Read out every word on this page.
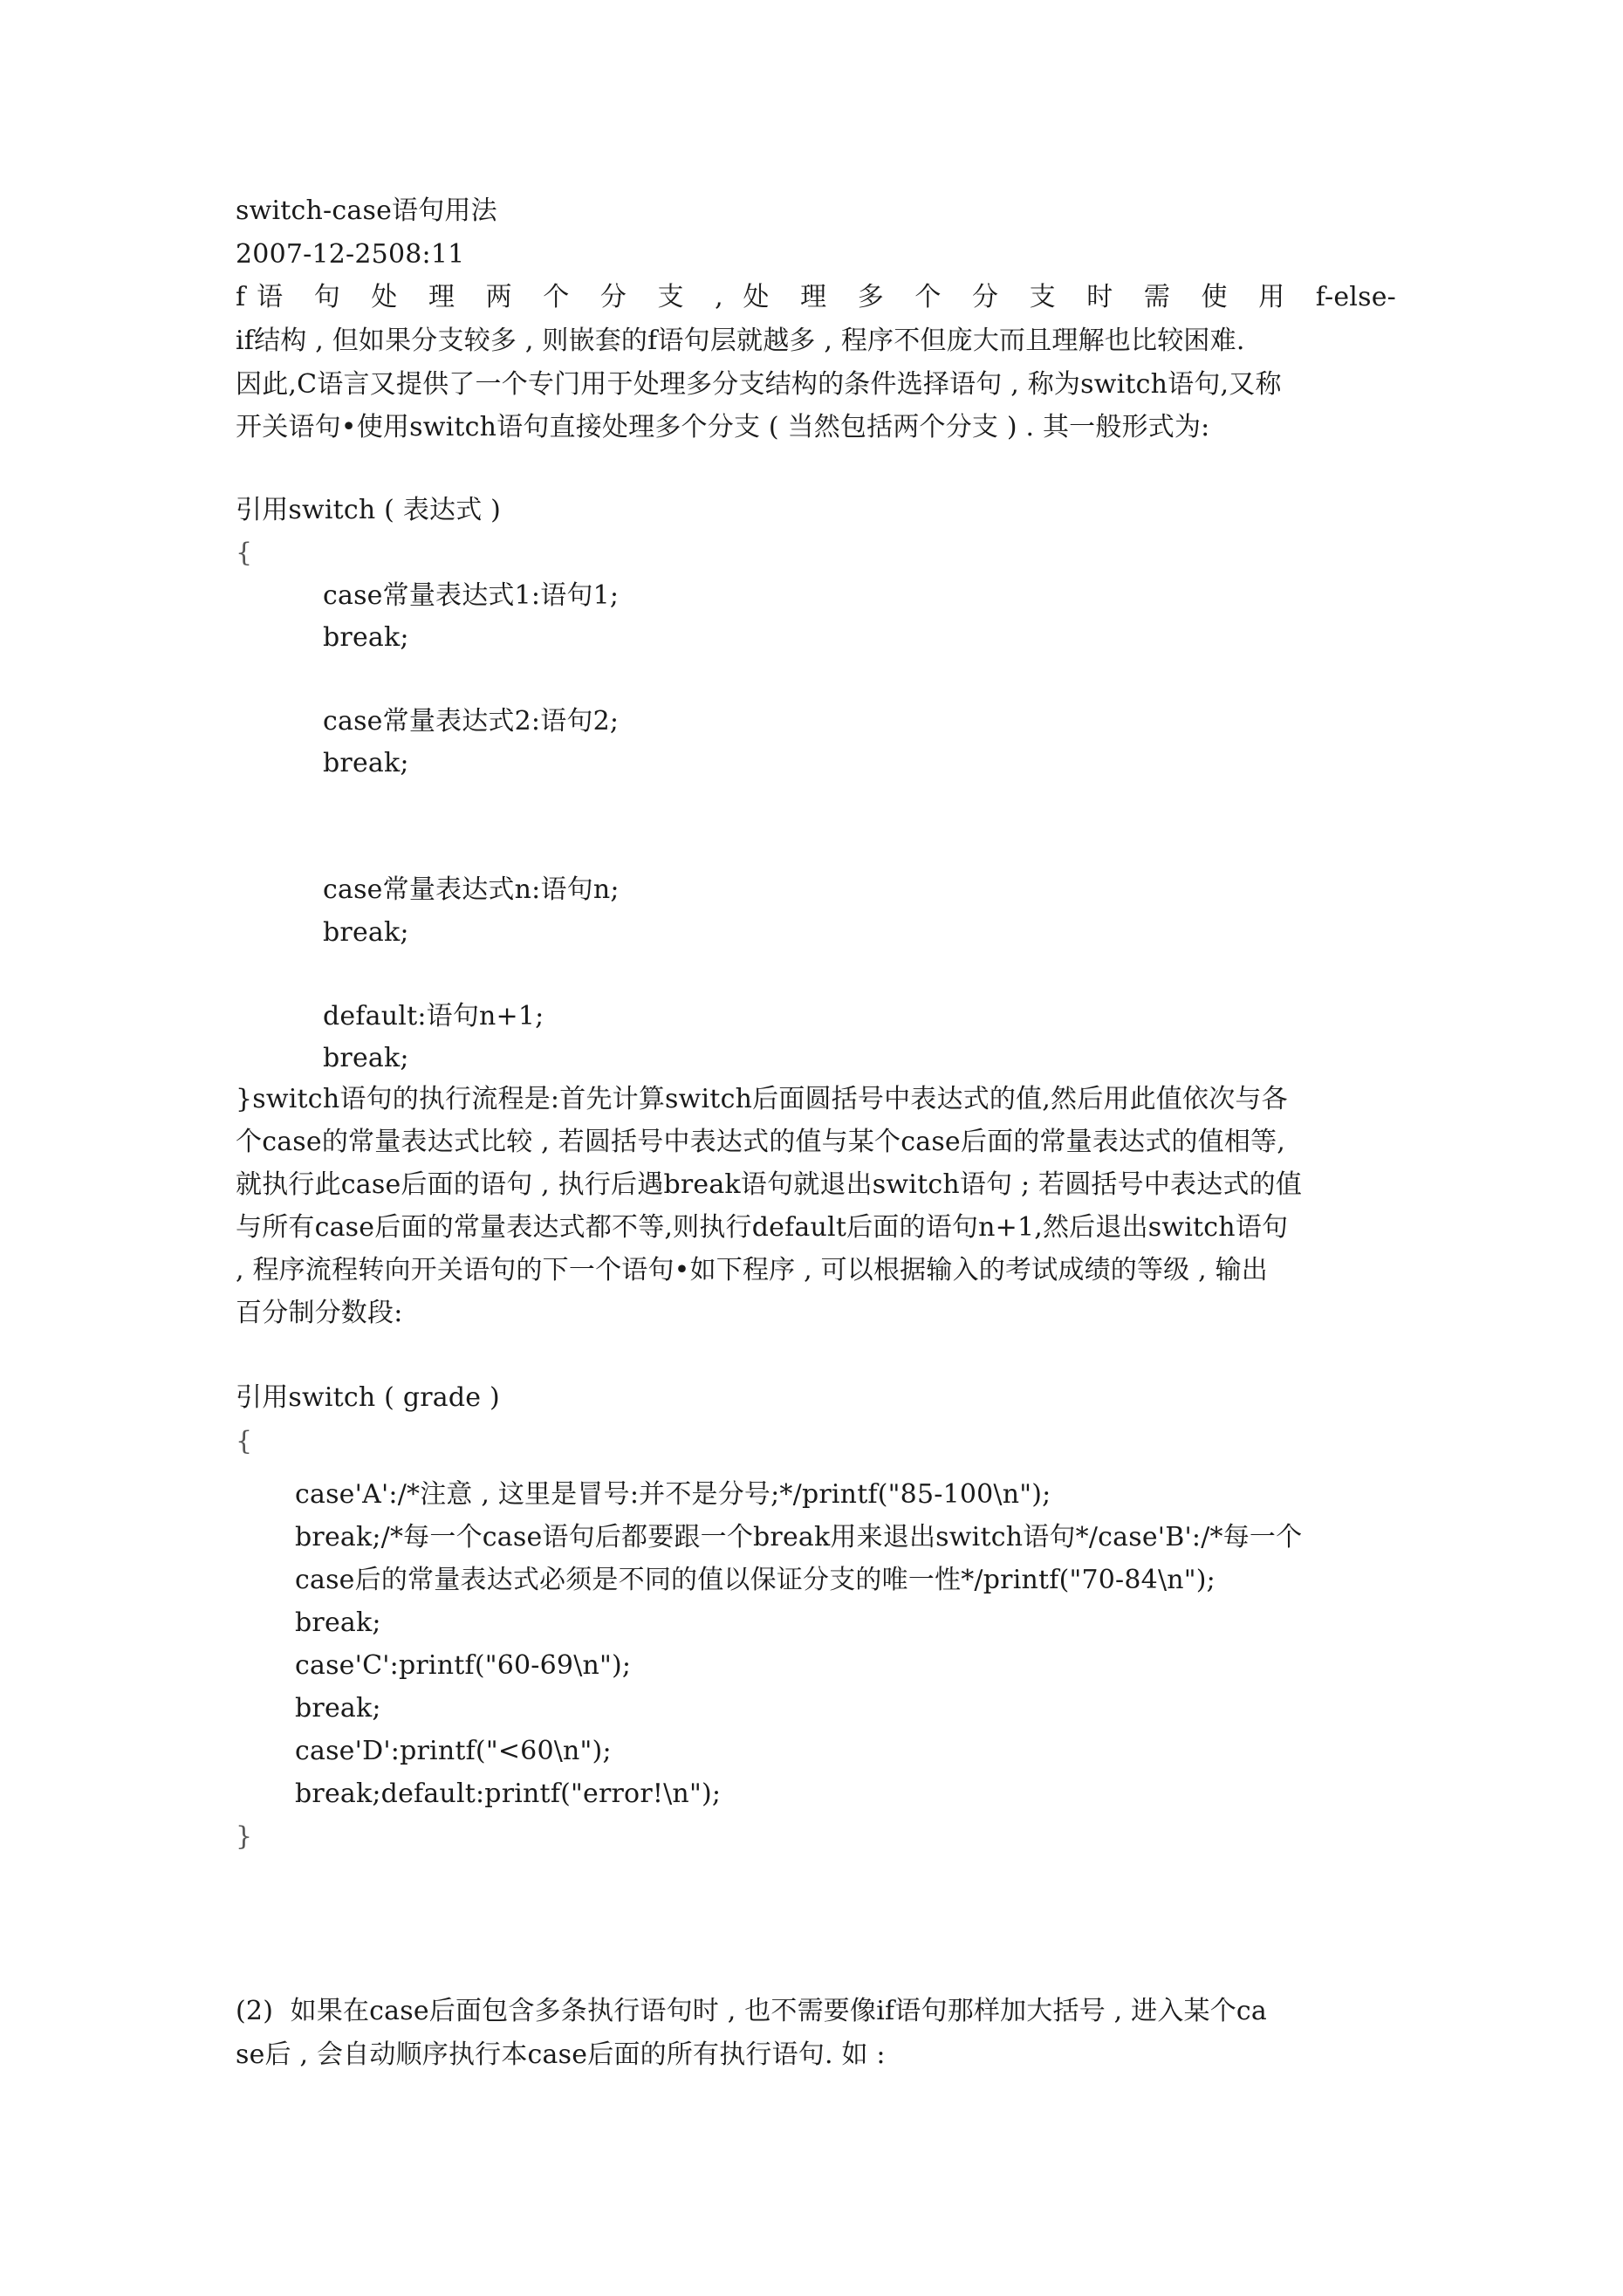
switch-case语句用法
2007-12-2508:11
f语 句 处 理 两 个 分 支 , 处 理 多 个 分 支 时 需 使 用 f-else-
if结构 , 但如果分支较多 , 则嵌套的f语句层就越多 , 程序不但庞大而且理解也比较困难.
因此,C语言又提供了一个专门用于处理多分支结构的条件选择语句 , 称为switch语句,又称
开关语句•使用switch语句直接处理多个分支 ( 当然包括两个分支 ) . 其一般形式为:
引用switch ( 表达式 )
{
case常量表达式1:语句1;
break;
case常量表达式2:语句2;
break;
case常量表达式n:语句n;
break;
default:语句n+1;
break;
}switch语句的执行流程是:首先计算switch后面圆括号中表达式的值,然后用此值依次与各
个case的常量表达式比较 , 若圆括号中表达式的值与某个case后面的常量表达式的值相等,
就执行此case后面的语句 , 执行后遇break语句就退出switch语句 ; 若圆括号中表达式的值
与所有case后面的常量表达式都不等,则执行default后面的语句n+1,然后退出switch语句
, 程序流程转向开关语句的下一个语句•如下程序 , 可以根据输入的考试成绩的等级 , 输出
百分制分数段:
引用switch ( grade )
{
case'A':/*注意 , 这里是冒号:并不是分号;*/printf("85-100\n");
break;/*每一个case语句后都要跟一个break用来退出switch语句*/case'B':/*每一个
case后的常量表达式必须是不同的值以保证分支的唯一性*/printf("70-84\n");
break;
case'C':printf("60-69\n");
break;
case'D':printf("<60\n");
break;default:printf("error!\n");
}
(2)  如果在case后面包含多条执行语句时 , 也不需要像if语句那样加大括号 , 进入某个ca
se后 , 会自动顺序执行本case后面的所有执行语句. 如 :
